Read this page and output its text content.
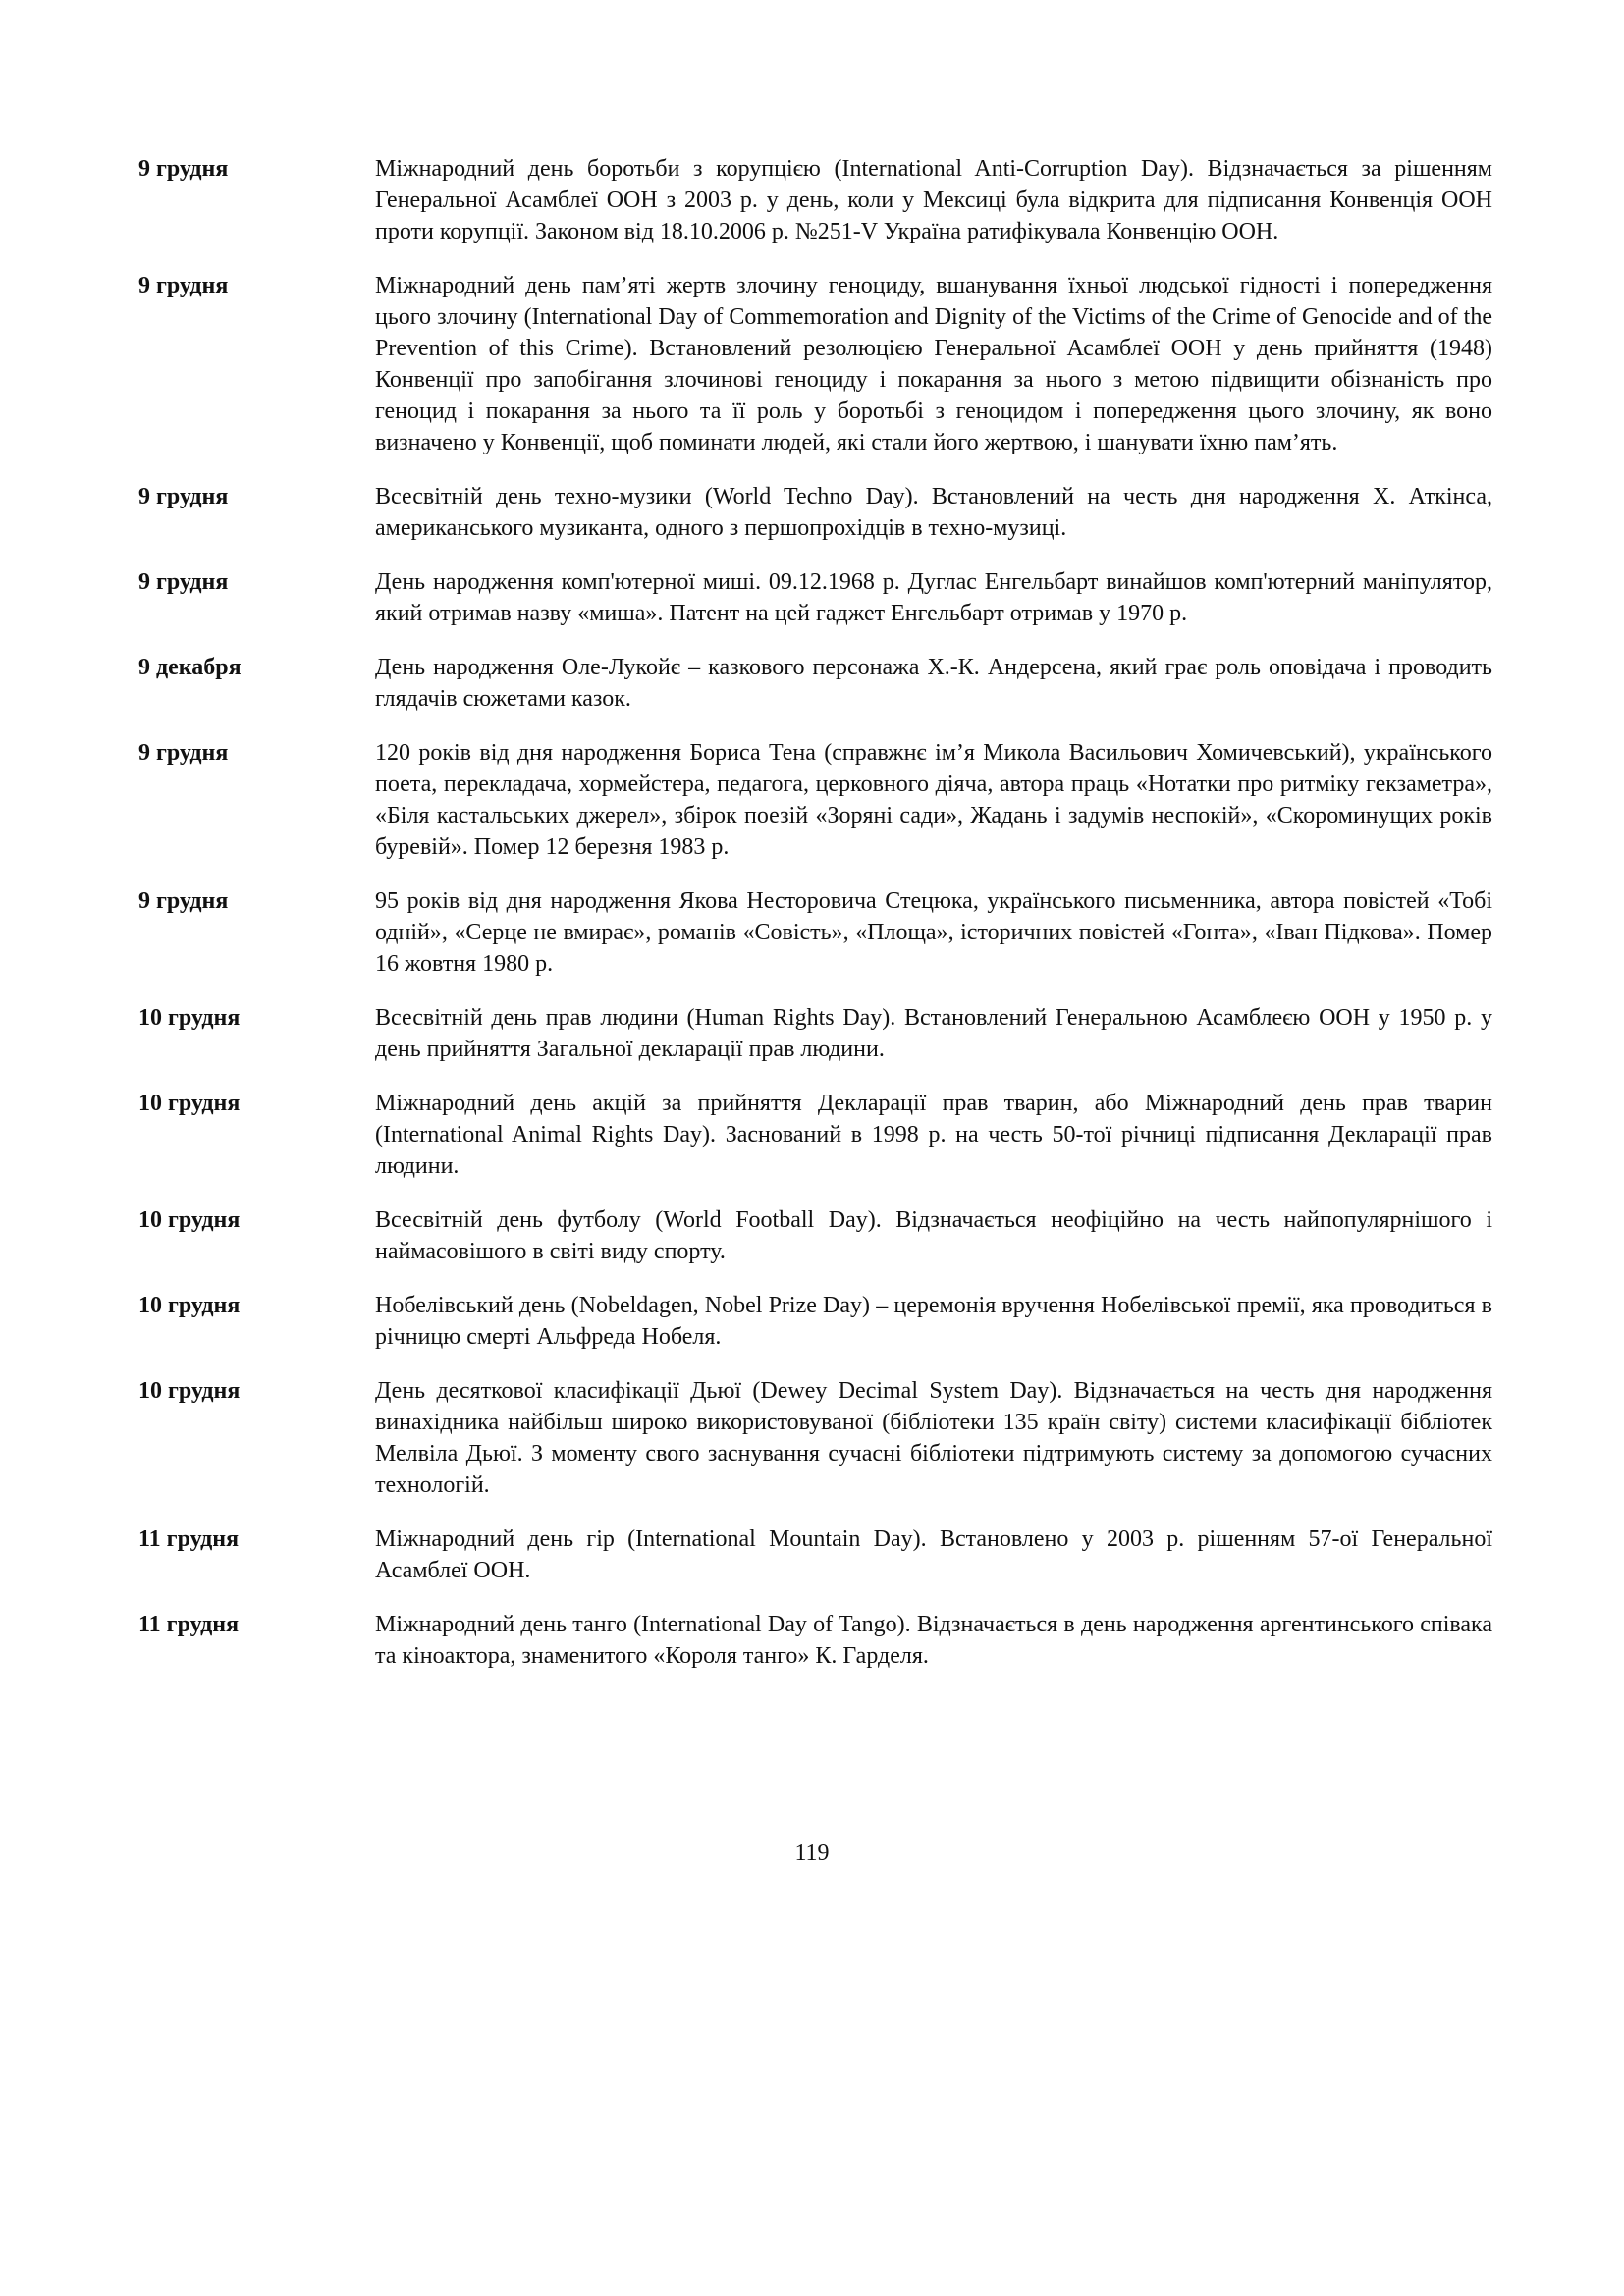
9 грудня	Міжнародний день боротьби з корупцією (International Anti-Corruption Day). Відзначається за рішенням Генеральної Асамблеї ООН з 2003 р. у день, коли у Мексиці була відкрита для підписання Конвенція ООН проти корупції. Законом від 18.10.2006 р. №251-V Україна ратифікувала Конвенцію ООН.
9 грудня	Міжнародний день пам’яті жертв злочину геноциду, вшанування їхньої людської гідності і попередження цього злочину (International Day of Commemoration and Dignity of the Victims of the Crime of Genocide and of the Prevention of this Crime). Встановлений резолюцією Генеральної Асамблеї ООН у день прийняття (1948) Конвенції про запобігання злочинові геноциду і покарання за нього з метою підвищити обізнаність про геноцид і покарання за нього та її роль у боротьбі з геноцидом і попередження цього злочину, як воно визначено у Конвенції, щоб поминати людей, які стали його жертвою, і шанувати їхню пам’ять.
9 грудня	Всесвітній день техно-музики (World Techno Day). Встановлений на честь дня народження Х. Аткінса, американського музиканта, одного з першопрохідців в техно-музиці.
9 грудня	День народження комп'ютерної миші. 09.12.1968 р. Дуглас Енгельбарт винайшов комп'ютерний маніпулятор, який отримав назву «миша». Патент на цей гаджет Енгельбарт отримав у 1970 р.
9 декабря	День народження Оле-Лукойє – казкового персонажа Х.-К. Андерсена, який грає роль оповідача і проводить глядачів сюжетами казок.
9 грудня	120 років від дня народження Бориса Тена (справжнє ім’я Микола Васильович Хомичевський), українського поета, перекладача, хормейстера, педагога, церковного діяча, автора праць «Нотатки про ритміку гекзаметра», «Біля кастальських джерел», збірок поезій «Зоряні сади», Жадань і задумів неспокій», «Скороминущих років буревій». Помер 12 березня 1983 р.
9 грудня	95 років від дня народження Якова Несторовича Стецюка, українського письменника, автора повістей «Тобі одній», «Серце не вмирає», романів «Совість», «Площа», історичних повістей «Гонта», «Іван Підкова». Помер 16 жовтня 1980 р.
10 грудня	Всесвітній день прав людини (Human Rights Day). Встановлений Генеральною Асамблеєю ООН у 1950 р. у день прийняття Загальної декларації прав людини.
10 грудня	Міжнародний день акцій за прийняття Декларації прав тварин, або Міжнародний день прав тварин (International Animal Rights Day). Заснований в 1998 р. на честь 50-тої річниці підписання Декларації прав людини.
10 грудня	Всесвітній день футболу (World Football Day). Відзначається неофіційно на честь найпопулярнішого і наймасовішого в світі виду спорту.
10 грудня	Нобелівський день (Nobeldagen, Nobel Prize Day) – церемонія вручення Нобелівської премії, яка проводиться в річницю смерті Альфреда Нобеля.
10 грудня	День десяткової класифікації Дьюї (Dewey Decimal System Day). Відзначається на честь дня народження винахідника найбільш широко використовуваної (бібліотеки 135 країн світу) системи класифікації бібліотек Мелвіла Дьюї. З моменту свого заснування сучасні бібліотеки підтримують систему за допомогою сучасних технологій.
11 грудня	Міжнародний день гір (International Mountain Day). Встановлено у 2003 р. рішенням 57-ої Генеральної Асамблеї ООН.
11 грудня	Міжнародний день танго (International Day of Tango). Відзначається в день народження аргентинського співака та кіноактора, знаменитого «Короля танго» К. Гарделя.
119
